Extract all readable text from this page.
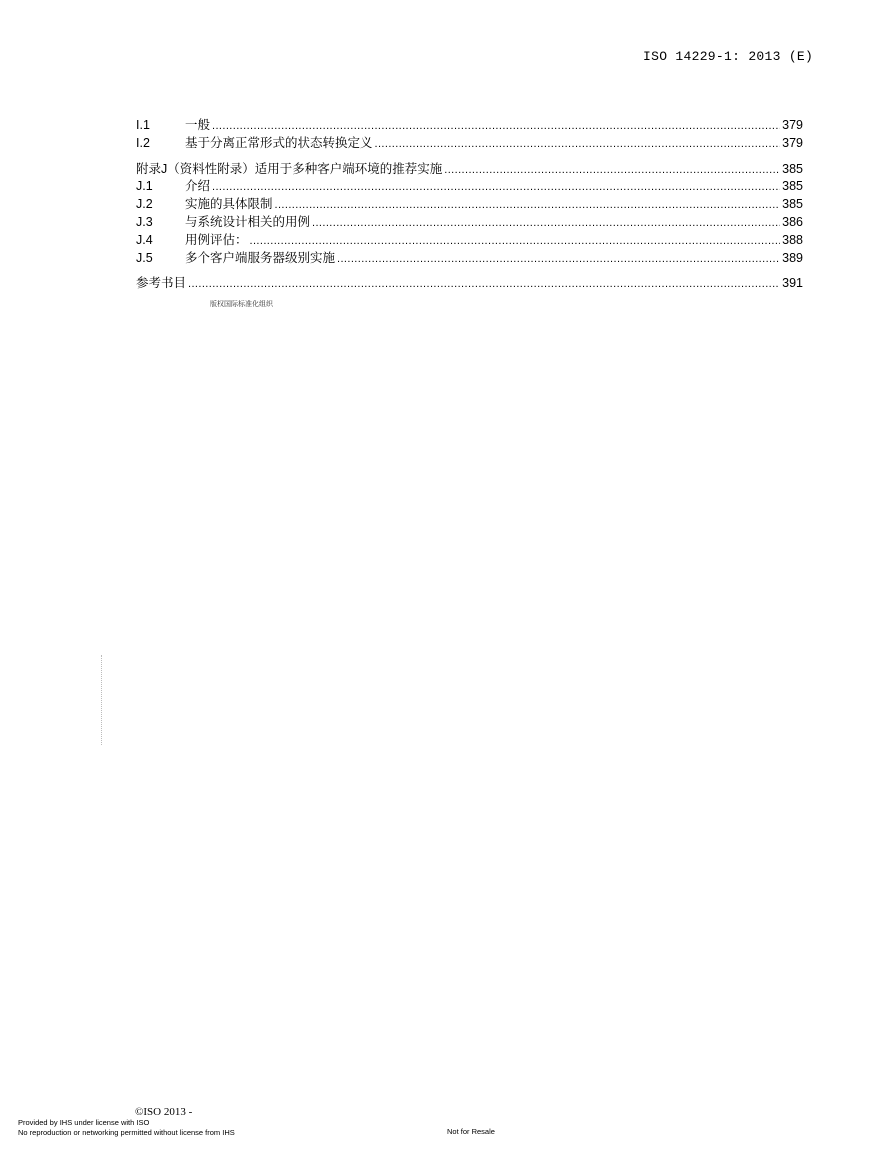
ISO 14229-1: 2013 (E)
I.1	一般 .....	379
I.2	基于分离正常形式的状态转换定义 .....	379
附录J（资料性附录）适用于多种客户端环境的推荐实施 .....	385
J.1	介绍 .....	385
J.2	实施的具体限制 .....	385
J.3	与系统设计相关的用例 .....	386
J.4	用例评估： .....	388
J.5	多个客户端服务器级别实施 .....	389
参考书目 .....	391
版权国际标准化组织
©ISO 2013 -
Provided by IHS under license with ISO
No reproduction or networking permitted without license from IHS	Not for Resale
